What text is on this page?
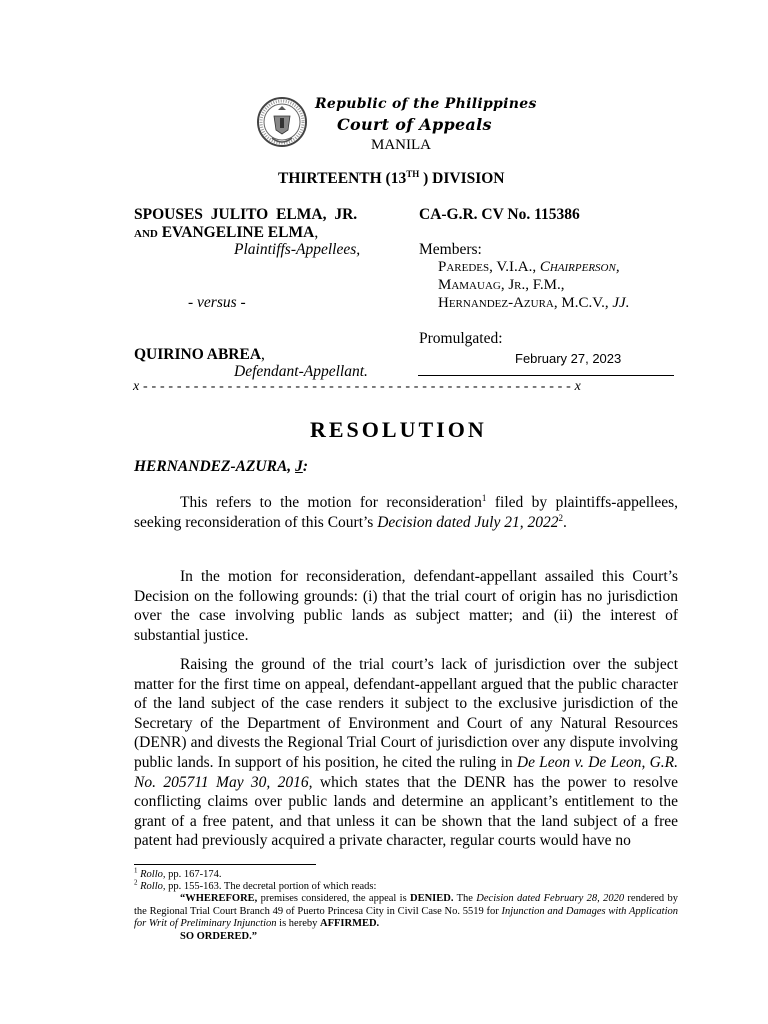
Republic of the Philippines
Court of Appeals
MANILA
THIRTEENTH (13TH ) DIVISION
SPOUSES JULITO ELMA, JR.
AND EVANGELINE ELMA,
Plaintiffs-Appellees,
- versus -
QUIRINO ABREA,
Defendant-Appellant.
CA-G.R. CV No. 115386
Members:
Paredes, V.I.A., Chairperson,
Mamauag, Jr., F.M.,
Hernandez-Azura, M.C.V., JJ.
Promulgated:
February 27, 2023
x - - - - - - - - - - - - - - - - - - - - - - - - - - - - - - - - - - - - - - - - - - - - - - - - - - - x
RESOLUTION
HERNANDEZ-AZURA, J:
This refers to the motion for reconsideration$^1$ filed by plaintiffs-appellees, seeking reconsideration of this Court’s Decision dated July 21, 2022$^2$.
In the motion for reconsideration, defendant-appellant assailed this Court’s Decision on the following grounds: (i) that the trial court of origin has no jurisdiction over the case involving public lands as subject matter; and (ii) the interest of substantial justice.
Raising the ground of the trial court’s lack of jurisdiction over the subject matter for the first time on appeal, defendant-appellant argued that the public character of the land subject of the case renders it subject to the exclusive jurisdiction of the Secretary of the Department of Environment and Court of any Natural Resources (DENR) and divests the Regional Trial Court of jurisdiction over any dispute involving public lands. In support of his position, he cited the ruling in De Leon v. De Leon, G.R. No. 205711 May 30, 2016, which states that the DENR has the power to resolve conflicting claims over public lands and determine an applicant’s entitlement to the grant of a free patent, and that unless it can be shown that the land subject of a free patent had previously acquired a private character, regular courts would have no
$^1$ Rollo, pp. 167-174.
$^2$ Rollo, pp. 155-163. The decretal portion of which reads:
“WHEREFORE, premises considered, the appeal is DENIED. The Decision dated February 28, 2020 rendered by the Regional Trial Court Branch 49 of Puerto Princesa City in Civil Case No. 5519 for Injunction and Damages with Application for Writ of Preliminary Injunction is hereby AFFIRMED.
SO ORDERED.”
